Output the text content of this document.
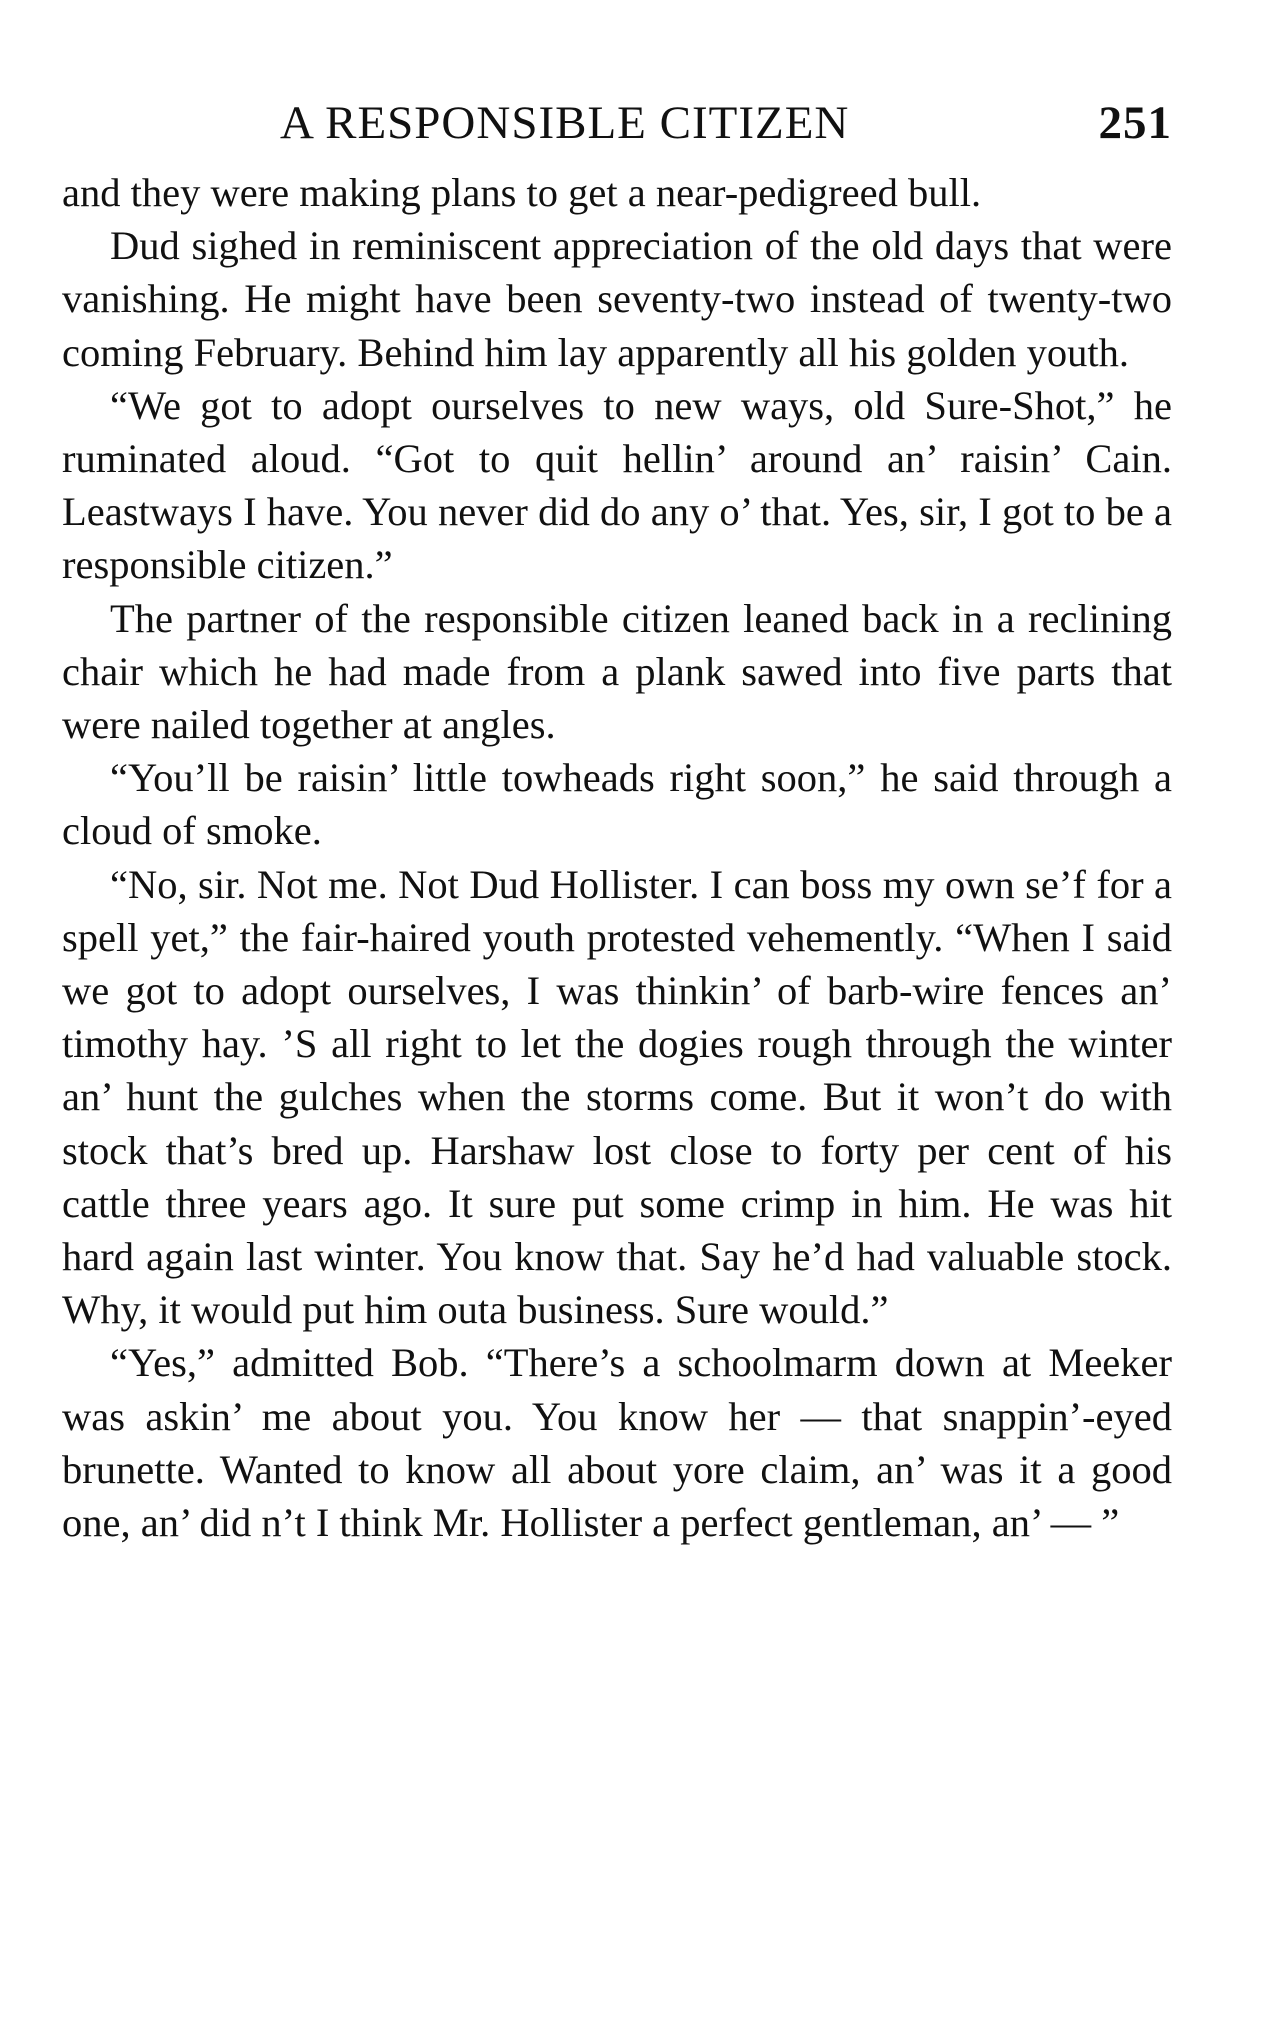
A RESPONSIBLE CITIZEN	251

and they were making plans to get a near-pedigreed bull.

Dud sighed in reminiscent appreciation of the old days that were vanishing. He might have been seventy-two instead of twenty-two coming February. Behind him lay apparently all his golden youth.

“We got to adopt ourselves to new ways, old Sure-Shot,” he ruminated aloud. “Got to quit hellin’ around an’ raisin’ Cain. Leastways I have. You never did do any o’ that. Yes, sir, I got to be a responsible citizen.”

The partner of the responsible citizen leaned back in a reclining chair which he had made from a plank sawed into five parts that were nailed together at angles.

“You’ll be raisin’ little towheads right soon,” he said through a cloud of smoke.

“No, sir. Not me. Not Dud Hollister. I can boss my own se’f for a spell yet,” the fair-haired youth protested vehemently. “When I said we got to adopt ourselves, I was thinkin’ of barb-wire fences an’ timothy hay. ’S all right to let the dogies rough through the winter an’ hunt the gulches when the storms come. But it won’t do with stock that’s bred up. Harshaw lost close to forty per cent of his cattle three years ago. It sure put some crimp in him. He was hit hard again last winter. You know that. Say he’d had valuable stock. Why, it would put him outa business. Sure would.”

“Yes,” admitted Bob. “There’s a schoolmarm down at Meeker was askin’ me about you. You know her — that snappin’-eyed brunette. Wanted to know all about yore claim, an’ was it a good one, an’ did n’t I think Mr. Hollister a perfect gentleman, an’ — ”
